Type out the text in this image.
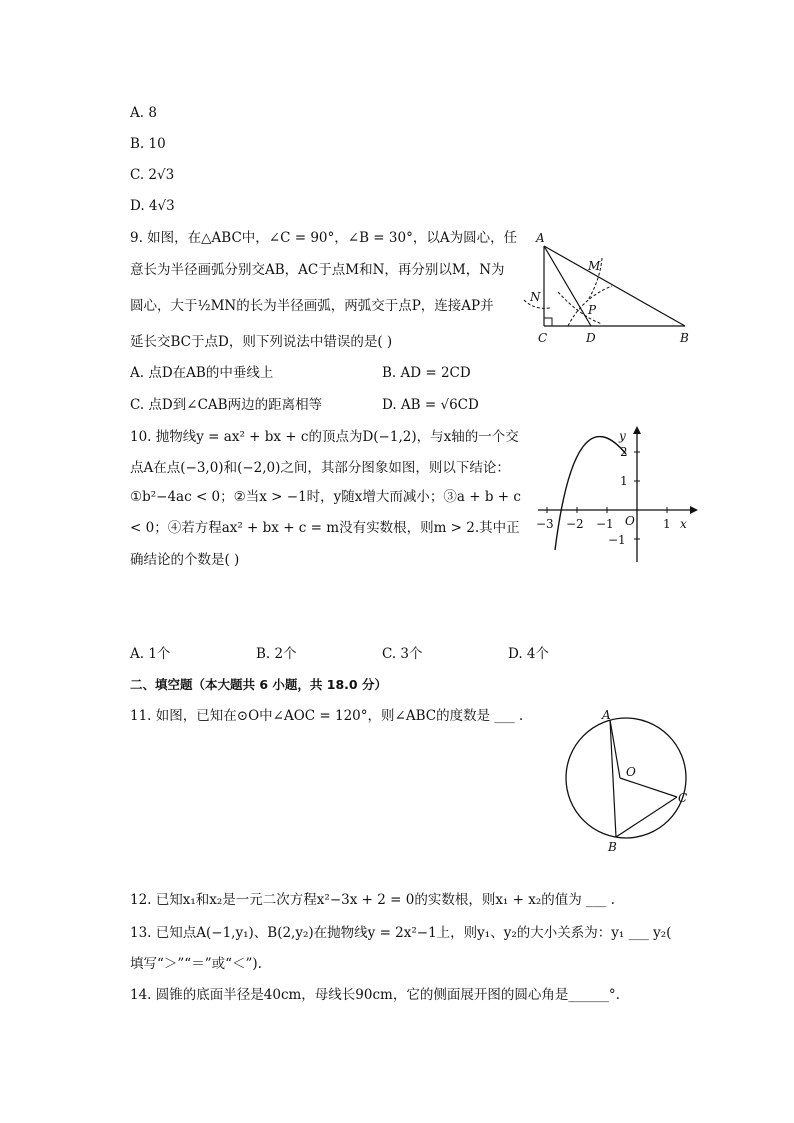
A. 8
B. 10
C. 2√3
D. 4√3
9. 如图，在△ABC中，∠C = 90°，∠B = 30°，以A为圆心，任
意长为半径画弧分别交AB，AC于点M和N，再分别以M，N为
圆心，大于½MN的长为半径画弧，两弧交于点P，连接AP并
延长交BC于点D，则下列说法中错误的是( )
A. 点D在AB的中垂线上	B. AD = 2CD
C. 点D到∠CAB两边的距离相等	D. AB = √6CD
A
B
C	D
M
N
P
10. 抛物线y = ax² + bx + c的顶点为D(−1,2)，与x轴的一个交
点A在点(−3,0)和(−2,0)之间，其部分图象如图，则以下结论：
①b²−4ac < 0；②当x > −1时，y随x增大而减小；③a + b + c
< 0；④若方程ax² + bx + c = m没有实数根，则m > 2.其中正
确结论的个数是( )
A. 1个	B. 2个	C. 3个	D. 4个
y
x
O
2
1
−1
−3 −2 −1	1
二、填空题（本大题共 6 小题，共 18.0 分）
11. 如图，已知在⊙O中∠AOC = 120°，则∠ABC的度数是 ___ .	A
B
C
O
12. 已知x₁和x₂是一元二次方程x²−3x + 2 = 0的实数根，则x₁ + x₂的值为 ___ .
13. 已知点A(−1,y₁)、B(2,y₂)在抛物线y = 2x²−1上，则y₁、y₂的大小关系为：y₁ ___ y₂(
填写“＞”“＝”或“＜”).
14. 圆锥的底面半径是40cm，母线长90cm，它的侧面展开图的圆心角是______°.
